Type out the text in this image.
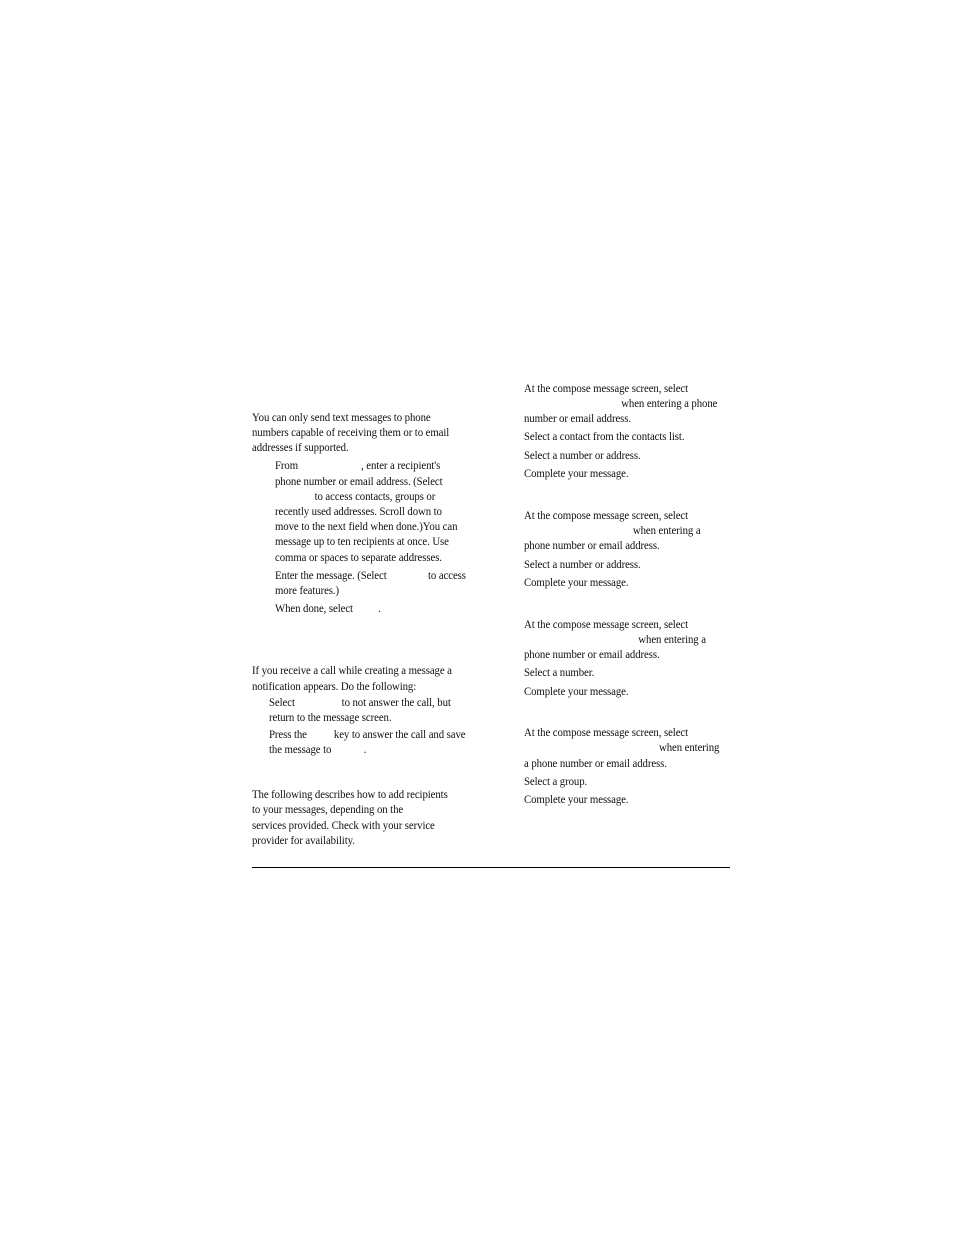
You can only send text messages to phone
numbers capable of receiving them or to email
addresses if supported.
From	, enter a recipient's
phone number or email address. (Select
to access contacts, groups or
recently used addresses. Scroll down to
move to the next field when done.)You can
message up to ten recipients at once. Use
comma or spaces to separate addresses.
Enter the message. (Select	to access
more features.)
When done, select .
If you receive a call while creating a message a
notification appears. Do the following:
Select	to not answer the call, but
return to the message screen.
Press the key to answer the call and save
the message to	.
The following describes how to add recipients
to your messages, depending on the
services provided. Check with your service
provider for availability.
At the compose message screen, select
when entering a phone
number or email address.
Select a contact from the contacts list.
Select a number or address.
Complete your message.
At the compose message screen, select
when entering a
phone number or email address.
Select a number or address.
Complete your message.
At the compose message screen, select
when entering a
phone number or email address.
Select a number.
Complete your message.
At the compose message screen, select
when entering
a phone number or email address.
Select a group.
Complete your message.
